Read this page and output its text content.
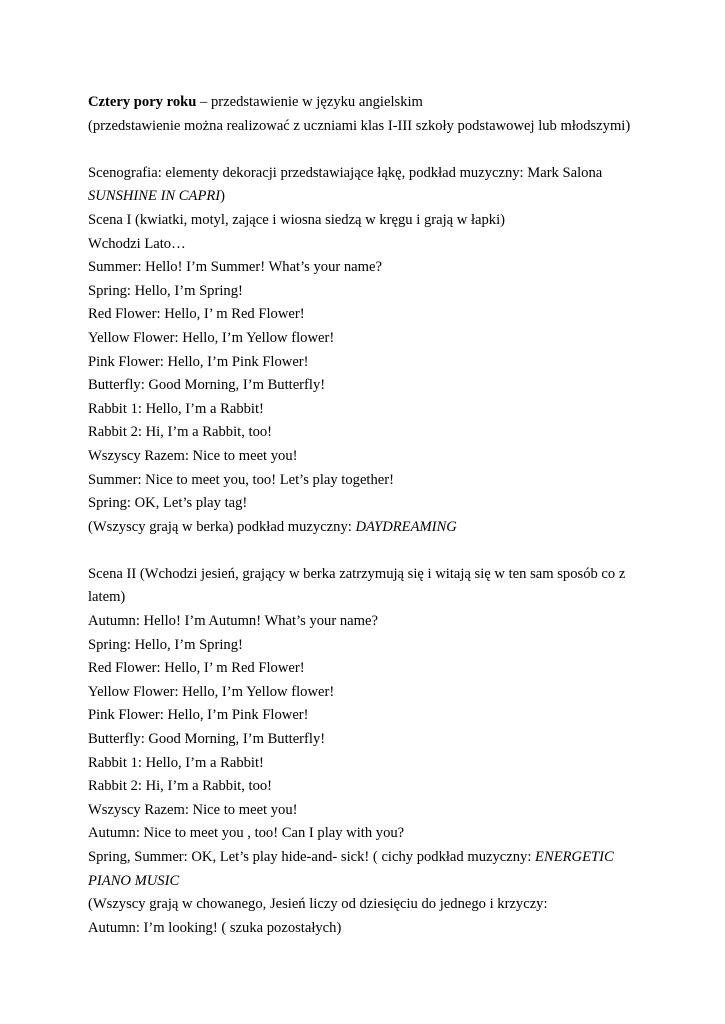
Cztery pory roku – przedstawienie w języku angielskim

(przedstawienie można realizować z uczniami klas I-III szkoły podstawowej lub młodszymi)

Scenografia: elementy dekoracji przedstawiające łąkę, podkład muzyczny: Mark Salona

SUNSHINE IN CAPRI)

Scena I (kwiatki, motyl, zające i wiosna siedzą w kręgu i grają w łapki)

Wchodzi Lato…

Summer: Hello! I’m Summer! What’s your name?

Spring: Hello, I’m Spring!

Red Flower: Hello, I’ m Red Flower!

Yellow Flower: Hello, I’m Yellow flower!

Pink Flower: Hello, I’m Pink Flower!

Butterfly: Good Morning, I’m Butterfly!

Rabbit 1: Hello, I’m a Rabbit!

Rabbit 2: Hi, I’m a Rabbit, too!

Wszyscy Razem: Nice to meet you!

Summer: Nice to meet you, too! Let’s play together!

Spring: OK, Let’s play tag!

(Wszyscy grają w berka) podkład muzyczny: DAYDREAMING

Scena II (Wchodzi jesień, grający w berka zatrzymują się i witają się w ten sam sposób co z

latem)

Autumn: Hello! I’m Autumn! What’s your name?

Spring: Hello, I’m Spring!

Red Flower: Hello, I’ m Red Flower!

Yellow Flower: Hello, I’m Yellow flower!

Pink Flower: Hello, I’m Pink Flower!

Butterfly: Good Morning, I’m Butterfly!

Rabbit 1: Hello, I’m a Rabbit!

Rabbit 2: Hi, I’m a Rabbit, too!

Wszyscy Razem: Nice to meet you!

Autumn: Nice to meet you , too! Can I play with you?

Spring, Summer: OK, Let’s play hide-and- sick! ( cichy podkład muzyczny: ENERGETIC

PIANO MUSIC

(Wszyscy grają w chowanego, Jesień liczy od dziesięciu do jednego i krzyczy:

Autumn: I’m looking! ( szuka pozostałych)
